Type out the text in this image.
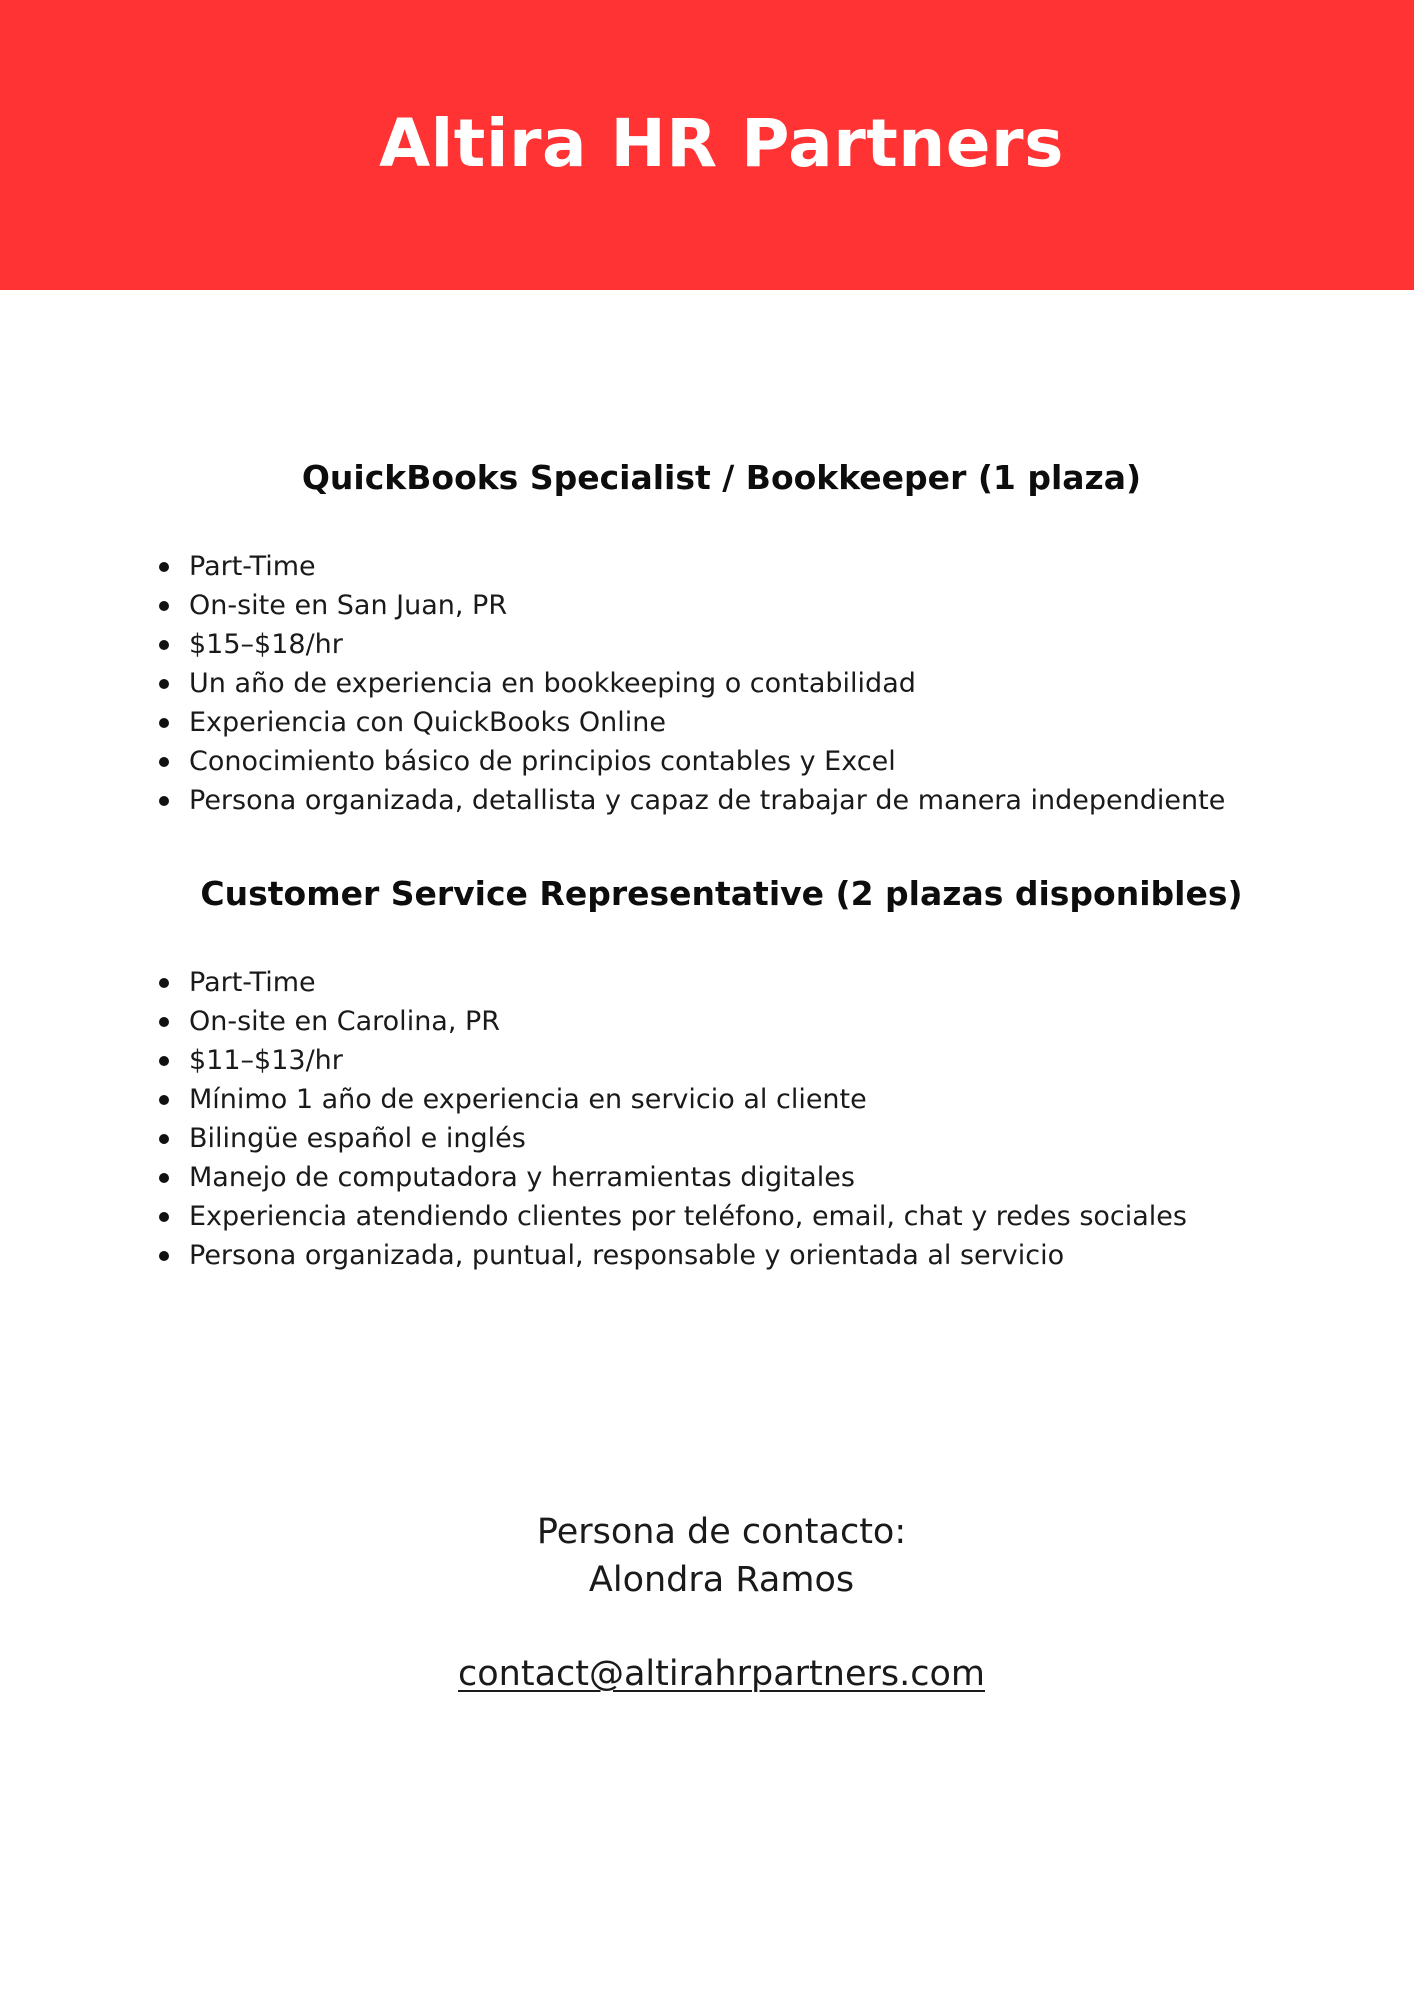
Altira HR Partners
QuickBooks Specialist / Bookkeeper (1 plaza)
Part-Time
On-site en San Juan, PR
$15–$18/hr
Un año de experiencia en bookkeeping o contabilidad
Experiencia con QuickBooks Online
Conocimiento básico de principios contables y Excel
Persona organizada, detallista y capaz de trabajar de manera independiente
Customer Service Representative (2 plazas disponibles)
Part-Time
On-site en Carolina, PR
$11–$13/hr
Mínimo 1 año de experiencia en servicio al cliente
Bilingüe español e inglés
Manejo de computadora y herramientas digitales
Experiencia atendiendo clientes por teléfono, email, chat y redes sociales
Persona organizada, puntual, responsable y orientada al servicio
Persona de contacto:
Alondra Ramos
contact@altirahrpartners.com
